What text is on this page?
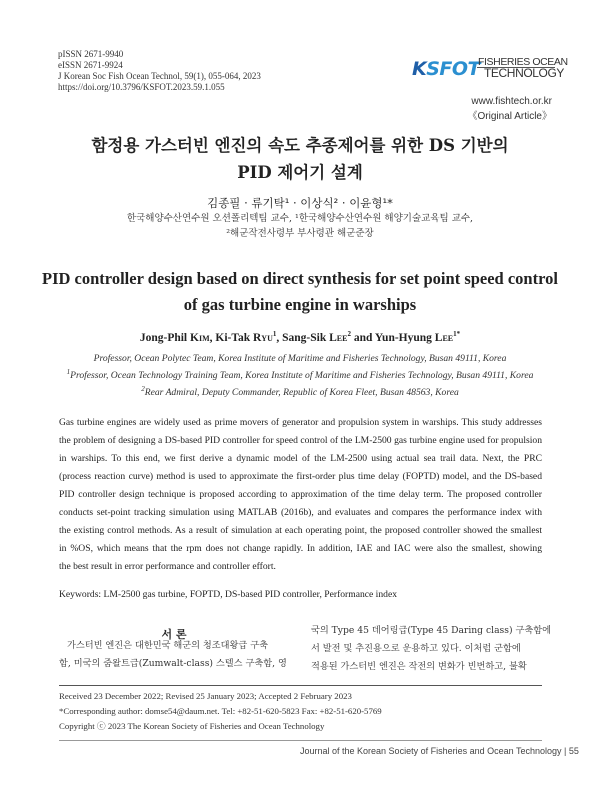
pISSN 2671-9940
eISSN 2671-9924
J Korean Soc Fish Ocean Technol, 59(1), 055-064, 2023
https://doi.org/10.3796/KSFOT.2023.59.1.055
KSFOT
FISHERIES OCEAN
TECHNOLOGY
www.fishtech.or.kr
《Original Article》
함정용 가스터빈 엔진의 속도 추종제어를 위한 DS 기반의
PID 제어기 설계
김종필 · 류기탁¹ · 이상식² · 이윤형¹*
한국해양수산연수원 오션폴리텍팀 교수, ¹한국해양수산연수원 해양기술교육팀 교수,
²해군작전사령부 부사령관 해군준장
PID controller design based on direct synthesis for set point speed control
of gas turbine engine in warships
Jong-Phil Kim, Ki-Tak Ryu$^1$, Sang-Sik Lee$^2$ and Yun-Hyung Lee$^{1*}$
Professor, Ocean Polytec Team, Korea Institute of Maritime and Fisheries Technology, Busan 49111, Korea
$^1$Professor, Ocean Technology Training Team, Korea Institute of Maritime and Fisheries Technology, Busan 49111, Korea
$^2$Rear Admiral, Deputy Commander, Republic of Korea Fleet, Busan 48563, Korea
Gas turbine engines are widely used as prime movers of generator and propulsion system in warships. This study addresses
the problem of designing a DS-based PID controller for speed control of the LM-2500 gas turbine engine used for propulsion
in warships. To this end, we first derive a dynamic model of the LM-2500 using actual sea trail data. Next, the PRC
(process reaction curve) method is used to approximate the first-order plus time delay (FOPTD) model, and the DS-based
PID controller design technique is proposed according to approximation of the time delay term. The proposed controller
conducts set-point tracking simulation using MATLAB (2016b), and evaluates and compares the performance index with
the existing control methods. As a result of simulation at each operating point, the proposed controller showed the smallest
in %OS, which means that the rpm does not change rapidly. In addition, IAE and IAC were also the smallest, showing
the best result in error performance and controller effort.
Keywords: LM-2500 gas turbine, FOPTD, DS-based PID controller, Performance index
서 론
가스터빈 엔진은 대한민국 해군의 청조대왕급 구축
함, 미국의 줌왈트급(Zumwalt-class) 스텔스 구축함, 영
국의 Type 45 데어링급(Type 45 Daring class) 구축함에
서 발전 및 추진용으로 운용하고 있다. 이처럼 군함에
적용된 가스터빈 엔진은 작전의 변화가 빈번하고, 불확
Received 23 December 2022; Revised 25 January 2023; Accepted 2 February 2023
*Corresponding author: domse54@daum.net. Tel: +82-51-620-5823 Fax: +82-51-620-5769
Copyright ⓒ 2023 The Korean Society of Fisheries and Ocean Technology
Journal of the Korean Society of Fisheries and Ocean Technology | 55
